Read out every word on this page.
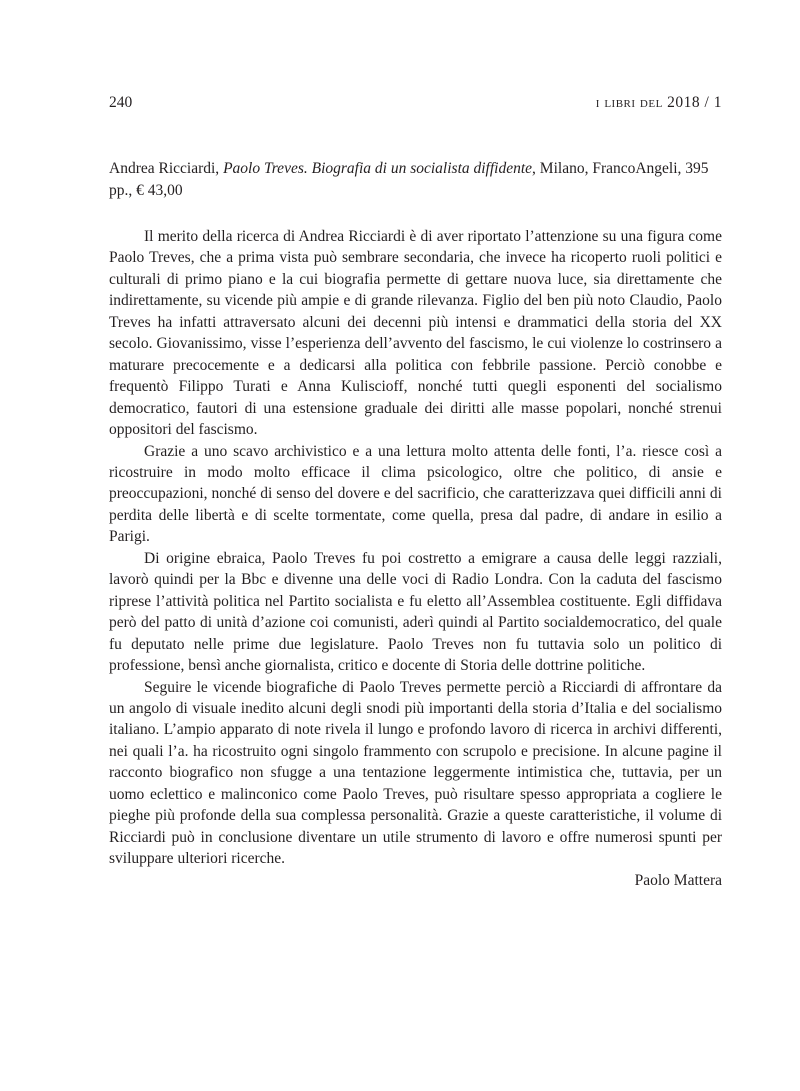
240	i libri del 2018 / 1
Andrea Ricciardi, Paolo Treves. Biografia di un socialista diffidente, Milano, FrancoAngeli, 395 pp., € 43,00

Il merito della ricerca di Andrea Ricciardi è di aver riportato l’attenzione su una figura come Paolo Treves, che a prima vista può sembrare secondaria, che invece ha ricoperto ruoli politici e culturali di primo piano e la cui biografia permette di gettare nuova luce, sia direttamente che indirettamente, su vicende più ampie e di grande rilevanza. Figlio del ben più noto Claudio, Paolo Treves ha infatti attraversato alcuni dei decenni più intensi e drammatici della storia del XX secolo. Giovanissimo, visse l’esperienza dell’avvento del fascismo, le cui violenze lo costrinsero a maturare precocemente e a dedicarsi alla politica con febbrile passione. Perciò conobbe e frequentò Filippo Turati e Anna Kuliscioff, nonché tutti quegli esponenti del socialismo democratico, fautori di una estensione graduale dei diritti alle masse popolari, nonché strenui oppositori del fascismo.

Grazie a uno scavo archivistico e a una lettura molto attenta delle fonti, l’a. riesce così a ricostruire in modo molto efficace il clima psicologico, oltre che politico, di ansie e preoccupazioni, nonché di senso del dovere e del sacrificio, che caratterizzava quei difficili anni di perdita delle libertà e di scelte tormentate, come quella, presa dal padre, di andare in esilio a Parigi.

Di origine ebraica, Paolo Treves fu poi costretto a emigrare a causa delle leggi razziali, lavorò quindi per la Bbc e divenne una delle voci di Radio Londra. Con la caduta del fascismo riprese l’attività politica nel Partito socialista e fu eletto all’Assemblea costituente. Egli diffidava però del patto di unità d’azione coi comunisti, aderì quindi al Partito socialdemocratico, del quale fu deputato nelle prime due legislature. Paolo Treves non fu tuttavia solo un politico di professione, bensì anche giornalista, critico e docente di Storia delle dottrine politiche.

Seguire le vicende biografiche di Paolo Treves permette perciò a Ricciardi di affrontare da un angolo di visuale inedito alcuni degli snodi più importanti della storia d’Italia e del socialismo italiano. L’ampio apparato di note rivela il lungo e profondo lavoro di ricerca in archivi differenti, nei quali l’a. ha ricostruito ogni singolo frammento con scrupolo e precisione. In alcune pagine il racconto biografico non sfugge a una tentazione leggermente intimistica che, tuttavia, per un uomo eclettico e malinconico come Paolo Treves, può risultare spesso appropriata a cogliere le pieghe più profonde della sua complessa personalità. Grazie a queste caratteristiche, il volume di Ricciardi può in conclusione diventare un utile strumento di lavoro e offre numerosi spunti per sviluppare ulteriori ricerche.

Paolo Mattera
